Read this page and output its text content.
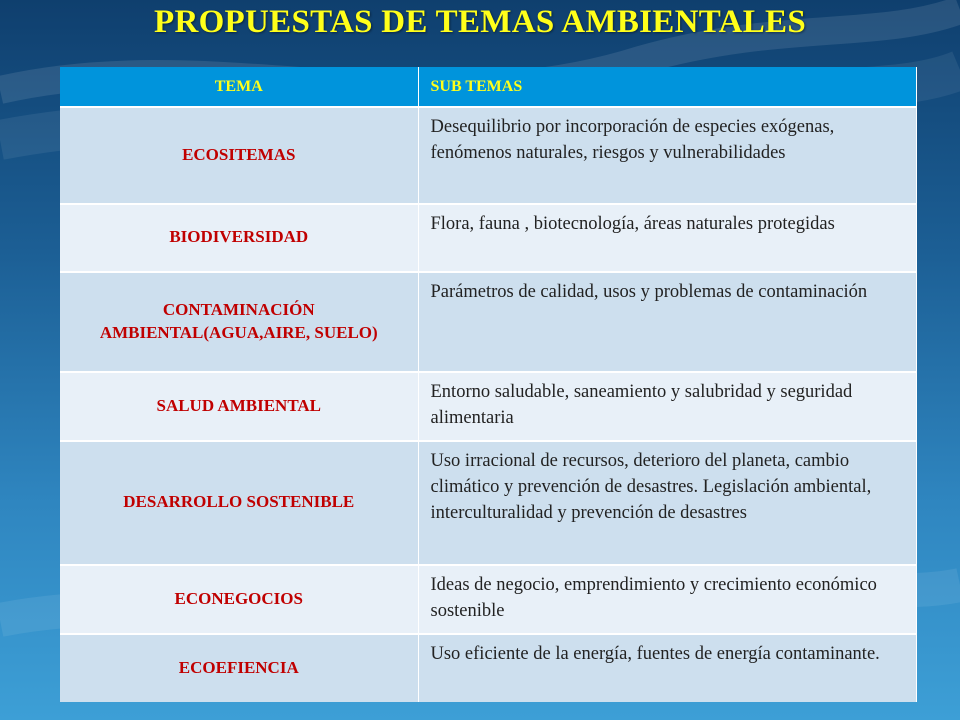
PROPUESTAS DE TEMAS AMBIENTALES
TEMA	SUB TEMAS
ECOSITEMAS	Desequilibrio por incorporación de especies exógenas, fenómenos naturales, riesgos y vulnerabilidades
BIODIVERSIDAD	Flora, fauna , biotecnología, áreas naturales protegidas
CONTAMINACIÓN AMBIENTAL(AGUA,AIRE, SUELO)	Parámetros de calidad, usos y problemas de contaminación
SALUD AMBIENTAL	Entorno saludable, saneamiento y salubridad y seguridad alimentaria
DESARROLLO SOSTENIBLE	Uso irracional de recursos, deterioro del planeta, cambio climático y prevención de desastres. Legislación ambiental, interculturalidad y prevención de desastres
ECONEGOCIOS	Ideas de negocio, emprendimiento y crecimiento económico sostenible
ECOEFIENCIA	Uso eficiente de la energía, fuentes de energía contaminante.
